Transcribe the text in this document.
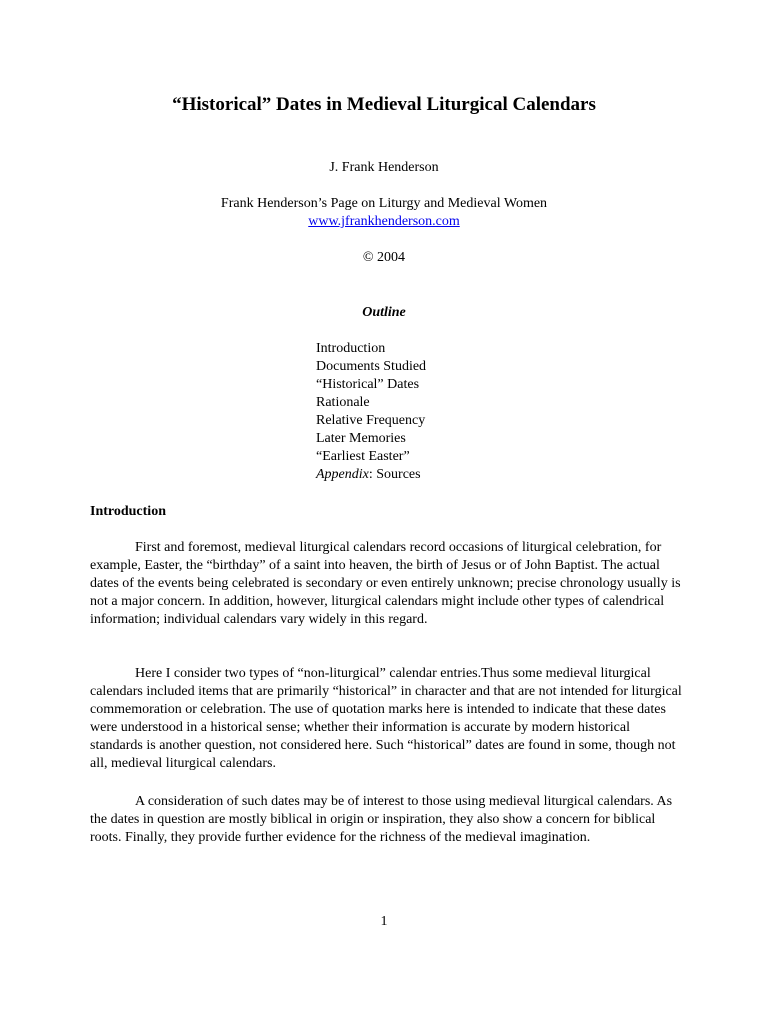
“Historical” Dates in Medieval Liturgical Calendars
J. Frank Henderson
Frank Henderson’s Page on Liturgy and Medieval Women
www.jfrankhenderson.com
© 2004
Outline
Introduction
Documents Studied
“Historical” Dates
Rationale
Relative Frequency
Later Memories
“Earliest Easter”
Appendix: Sources
Introduction

First and foremost, medieval liturgical calendars record occasions of liturgical celebration, for example, Easter, the “birthday” of a saint into heaven, the birth of Jesus or of John Baptist. The actual dates of the events being celebrated is secondary or even entirely unknown; precise chronology usually is not a major concern. In addition, however, liturgical calendars might include other types of calendrical information; individual calendars vary widely in this regard.

Here I consider two types of “non-liturgical” calendar entries.Thus some medieval liturgical calendars included items that are primarily “historical” in character and that are not intended for liturgical commemoration or celebration. The use of quotation marks here is intended to indicate that these dates were understood in a historical sense; whether their information is accurate by modern historical standards is another question, not considered here. Such “historical” dates are found in some, though not all, medieval liturgical calendars.

A consideration of such dates may be of interest to those using medieval liturgical calendars. As the dates in question are mostly biblical in origin or inspiration, they also show a concern for biblical roots. Finally, they provide further evidence for the richness of the medieval imagination.

1
